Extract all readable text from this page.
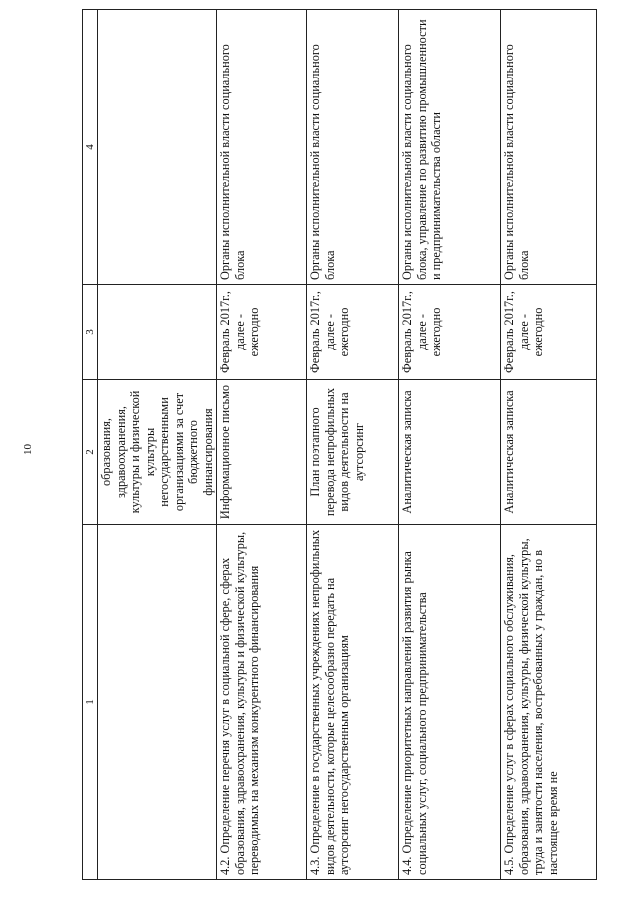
10
1	2	3	4
	образования, здравоохранения, культуры и физической культуры негосударственными организациями за счет бюджетного финансирования		
4.2. Определение перечня услуг в социальной сфере, сферах образования, здравоохранения, культуры и физической культуры, переводимых на механизм конкурентного финансирования	Информационное письмо	Февраль 2017г., далее - ежегодно	Органы исполнительной власти социального блока
4.3. Определение в государственных учреждениях непрофильных видов деятельности, которые целесообразно передать на аутсорсинг негосударственным организациям	План поэтапного перевода непрофильных видов деятельности на аутсорсинг	Февраль 2017г., далее - ежегодно	Органы исполнительной власти социального блока
4.4. Определение приоритетных направлений развития рынка социальных услуг, социального предпринимательства	Аналитическая записка	Февраль 2017г., далее - ежегодно	Органы исполнительной власти социального блока, управление по развитию промышленности и предпринимательства области
4.5. Определение услуг в сферах социального обслуживания, образования, здравоохранения, культуры, физической культуры, труда и занятости населения, востребованных у граждан, но в настоящее время не	Аналитическая записка	Февраль 2017г., далее - ежегодно	Органы исполнительной власти социального блока
